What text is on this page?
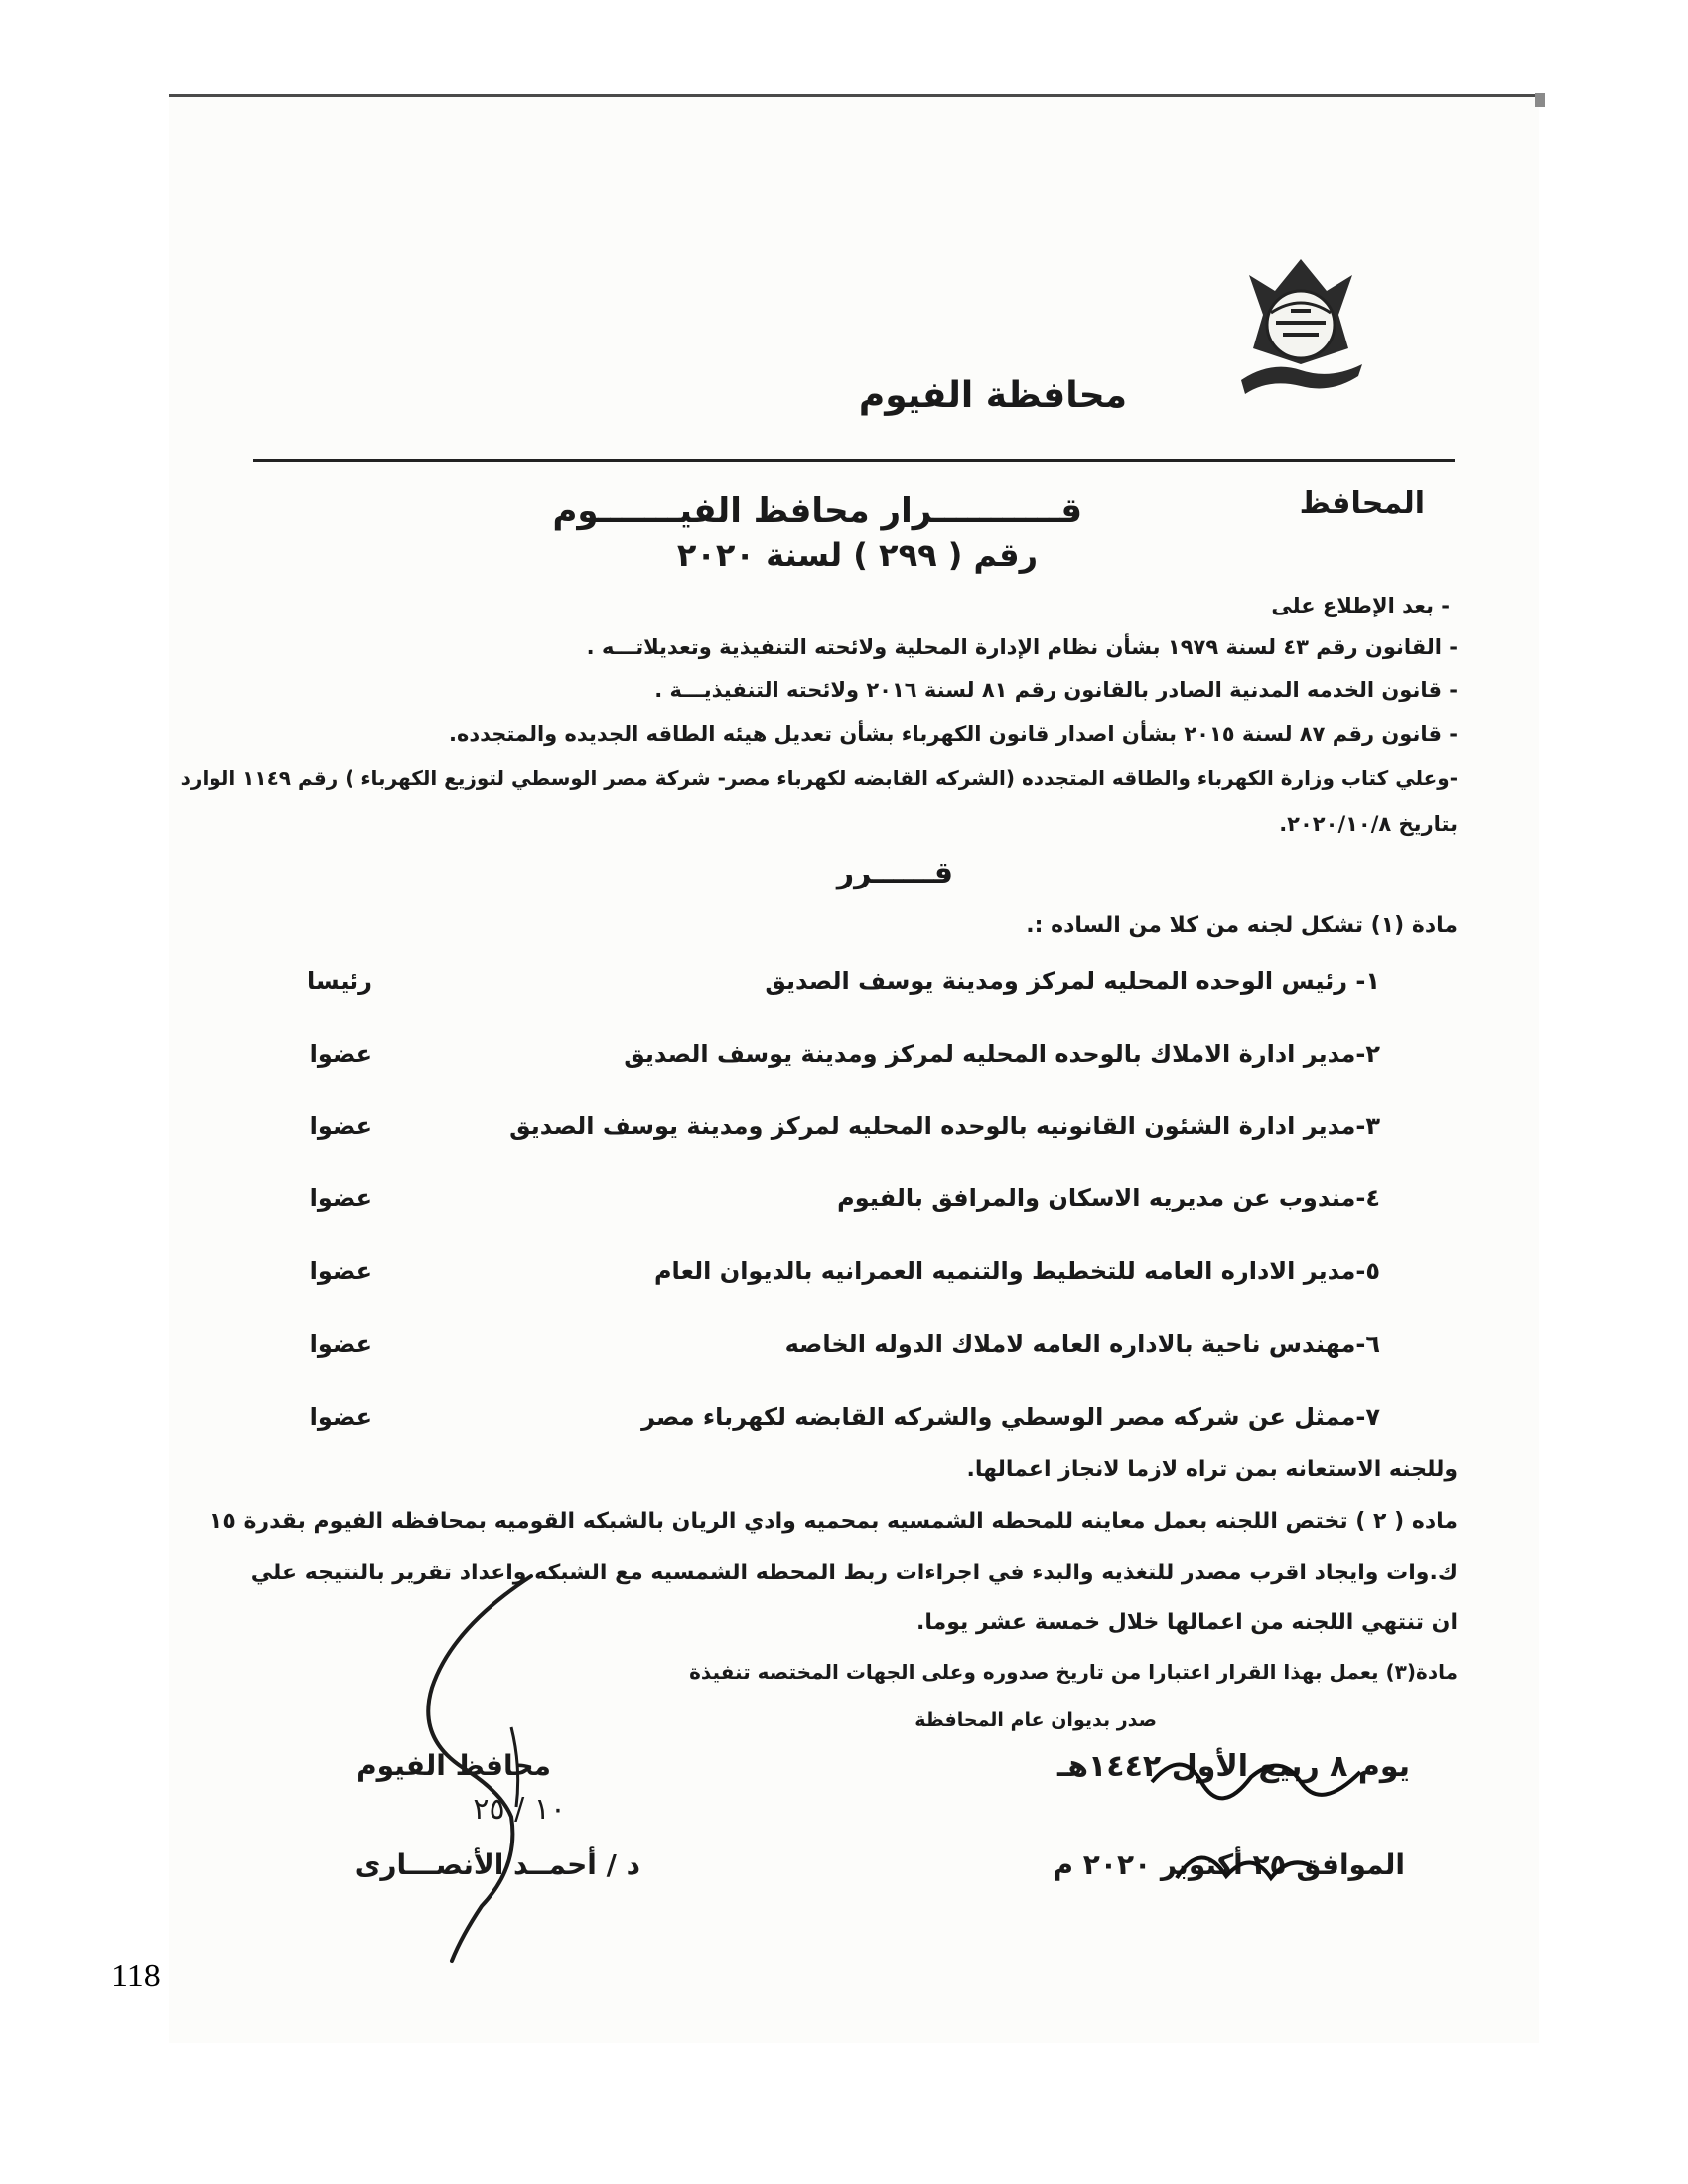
محافظة الفيوم
المحافظ
قـــــــــــرار محافظ الفيـــــــوم
رقم ( ٢٩٩ ) لسنة ٢٠٢٠
- بعد الإطلاع على
- القانون رقم ٤٣ لسنة ١٩٧٩ بشأن نظام الإدارة المحلية ولائحته التنفيذية وتعديلاتـــه .
- قانون الخدمه المدنية الصادر بالقانون رقم ٨١ لسنة ٢٠١٦ ولائحته التنفيذيـــة .
- قانون رقم ٨٧ لسنة ٢٠١٥ بشأن اصدار قانون الكهرباء بشأن تعديل هيئه الطاقه الجديده والمتجدده.
-وعلي كتاب وزارة الكهرباء والطاقه المتجدده (الشركه القابضه لكهرباء مصر- شركة مصر الوسطي لتوزيع الكهرباء ) رقم ١١٤٩ الوارد
بتاريخ ٢٠٢٠/١٠/٨.
قــــــرر
مادة (١) تشكل لجنه من كلا من الساده :.
١- رئيس الوحده المحليه لمركز ومدينة يوسف الصديق
رئيسا
٢-مدير ادارة الاملاك بالوحده المحليه لمركز ومدينة يوسف الصديق
عضوا
٣-مدير ادارة الشئون القانونيه بالوحده المحليه لمركز ومدينة يوسف الصديق
عضوا
٤-مندوب عن مديريه الاسكان والمرافق بالفيوم
عضوا
٥-مدير الاداره العامه للتخطيط والتنميه العمرانيه بالديوان العام
عضوا
٦-مهندس ناحية بالاداره العامه لاملاك الدوله الخاصه
عضوا
٧-ممثل عن شركه مصر الوسطي والشركه القابضه لكهرباء مصر
عضوا
وللجنه الاستعانه بمن تراه لازما لانجاز اعمالها.
ماده ( ٢ ) تختص اللجنه بعمل معاينه للمحطه الشمسيه بمحميه وادي الريان بالشبكه القوميه بمحافظه الفيوم بقدرة ١٥
ك.وات وايجاد اقرب مصدر للتغذيه والبدء في اجراءات ربط المحطه الشمسيه مع الشبكه واعداد تقرير بالنتيجه علي
ان تنتهي اللجنه من اعمالها خلال خمسة عشر يوما.
مادة(٣) يعمل بهذا القرار اعتبارا من تاريخ صدوره وعلى الجهات المختصه تنفيذة
صدر بديوان عام المحافظة
يوم ٨ ربيع الأول ١٤٤٢هـ
الموافق ٢٥ أكتوبر ٢٠٢٠ م
محافظ الفيوم
١٠ / ٢٥
د / أحمــد الأنصـــارى
118
